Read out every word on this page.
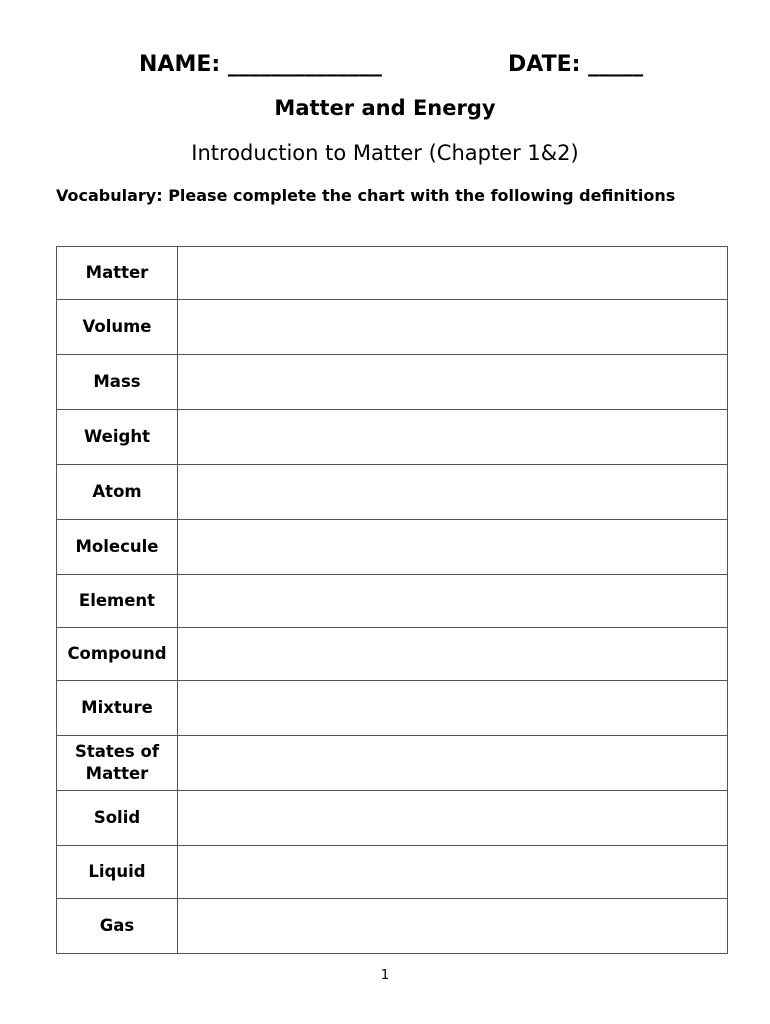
NAME: ______________	DATE: _____
Matter and Energy
Introduction to Matter (Chapter 1&2)
Vocabulary: Please complete the chart with the following definitions
Matter	
Volume	
Mass	
Weight	
Atom	
Molecule	
Element	
Compound	
Mixture	
States of Matter	
Solid	
Liquid	
Gas	
1
